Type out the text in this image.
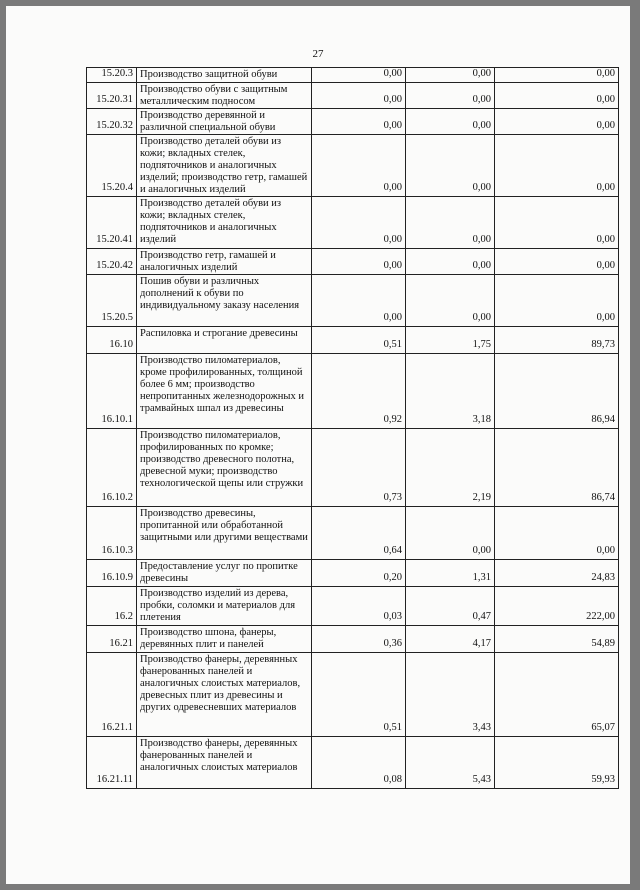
27
15.20.3	Производство защитной обуви	0,00	0,00	0,00
15.20.31	Производство обуви с защитным металлическим подносом	0,00	0,00	0,00
15.20.32	Производство деревянной и различной специальной обуви	0,00	0,00	0,00
15.20.4	Производство деталей обуви из кожи; вкладных стелек, подпяточников и аналогичных изделий; производство гетр, гамашей и аналогичных изделий	0,00	0,00	0,00
15.20.41	Производство деталей обуви из кожи; вкладных стелек, подпяточников и аналогичных изделий	0,00	0,00	0,00
15.20.42	Производство гетр, гамашей и аналогичных изделий	0,00	0,00	0,00
15.20.5	Пошив обуви и различных дополнений к обуви по индивидуальному заказу населения	0,00	0,00	0,00
16.10	Распиловка и строгание древесины	0,51	1,75	89,73
16.10.1	Производство пиломатериалов, кроме профилированных, толщиной более 6 мм; производство непропитанных железнодорожных и трамвайных шпал из древесины	0,92	3,18	86,94
16.10.2	Производство пиломатериалов, профилированных по кромке; производство древесного полотна, древесной муки; производство технологической щепы или стружки	0,73	2,19	86,74
16.10.3	Производство древесины, пропитанной или обработанной защитными или другими веществами	0,64	0,00	0,00
16.10.9	Предоставление услуг по пропитке древесины	0,20	1,31	24,83
16.2	Производство изделий из дерева, пробки, соломки и материалов для плетения	0,03	0,47	222,00
16.21	Производство шпона, фанеры, деревянных плит и панелей	0,36	4,17	54,89
16.21.1	Производство фанеры, деревянных фанерованных панелей и аналогичных слоистых материалов, древесных плит из древесины и других одревесневших материалов	0,51	3,43	65,07
16.21.11	Производство фанеры, деревянных фанерованных панелей и аналогичных слоистых материалов	0,08	5,43	59,93
